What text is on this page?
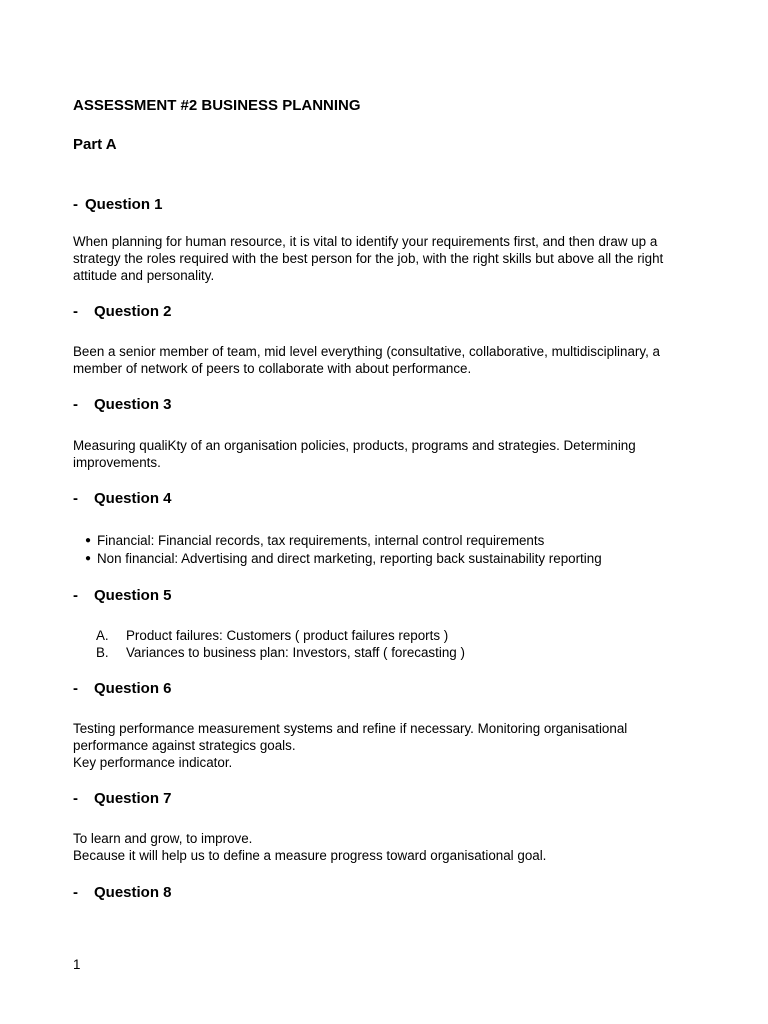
ASSESSMENT #2 BUSINESS PLANNING
Part A
- Question 1

When planning for human resource, it is vital to identify your requirements first, and then draw up a strategy the roles required with the best person for the job, with the right skills but above all the right attitude and personality.

- Question 2

Been a senior member of team, mid level everything (consultative, collaborative, multidisciplinary, a member of network of peers to collaborate with about performance.

- Question 3

Measuring qualiKty of an organisation policies, products, programs and strategies. Determining improvements.

- Question 4
● Financial: Financial records, tax requirements, internal control requirements
● Non financial: Advertising and direct marketing, reporting back sustainability reporting
- Question 5
A. Product failures: Customers ( product failures reports )
B. Variances to business plan: Investors, staff ( forecasting )
- Question 6

Testing performance measurement systems and refine if necessary. Monitoring organisational performance against strategics goals.

Key performance indicator.

- Question 7

To learn and grow, to improve.

Because it will help us to define a measure progress toward organisational goal.

- Question 8
1
